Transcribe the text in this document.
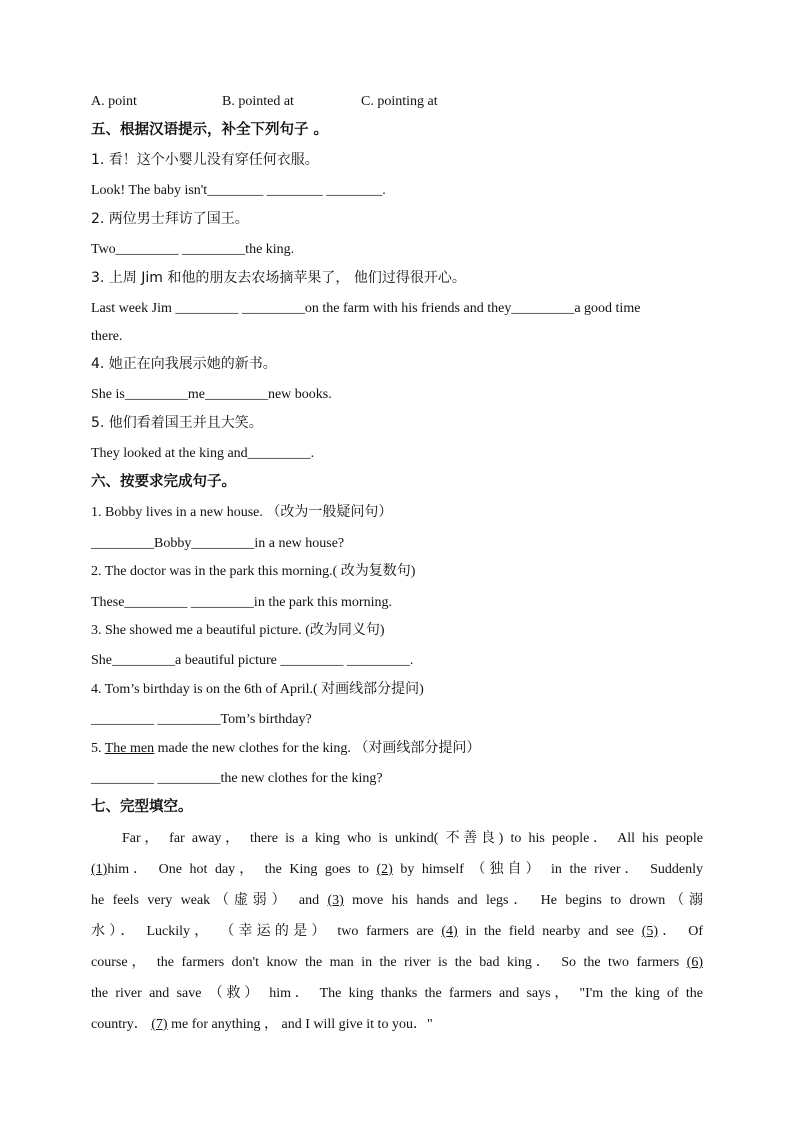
A. point	B. pointed at	C. pointing at
五、根据汉语提示，补全下列句子 。
1. 看！这个小婴儿没有穿任何衣服。
Look! The baby isn't________ ________ ________.
2. 两位男士拜访了国王。
Two_________ _________the king.
3. 上周 Jim 和他的朋友去农场摘苹果了， 他们过得很开心。
Last week Jim _________ _________on the farm with his friends and they_________a good time
there.
4. 她正在向我展示她的新书。
She is_________me_________new books.
5. 他们看着国王并且大笑。
They looked at the king and_________.
六、按要求完成句子。
1. Bobby lives in a new house. （改为一般疑问句）
_________Bobby_________in a new house?
2. The doctor was in the park this morning.( 改为复数句)
These_________ _________in the park this morning.
3. She showed me a beautiful picture. (改为同义句)
She_________a beautiful picture _________ _________.
4. Tom’s birthday is on the 6th of April.( 对画线部分提问)
_________ _________Tom’s birthday?
5. The men made the new clothes for the king. （对画线部分提问）
_________ _________the new clothes for the king?
七、完型填空。
Far， far away， there is a king who is unkind( 不善良) to his people． All his people
(1)him． One hot day， the King goes to (2) by himself （独自） in the river． Suddenly
he feels very weak（虚弱） and (3) move his hands and legs． He begins to drown（溺
水）． Luckily， （幸运的是） two farmers are (4) in the field nearby and see (5)． Of
course， the farmers don't know the man in the river is the bad king． So the two farmers (6)
the river and save （救） him． The king thanks the farmers and says， "I'm the king of the
country． (7) me for anything ， and I will give it to you．"
